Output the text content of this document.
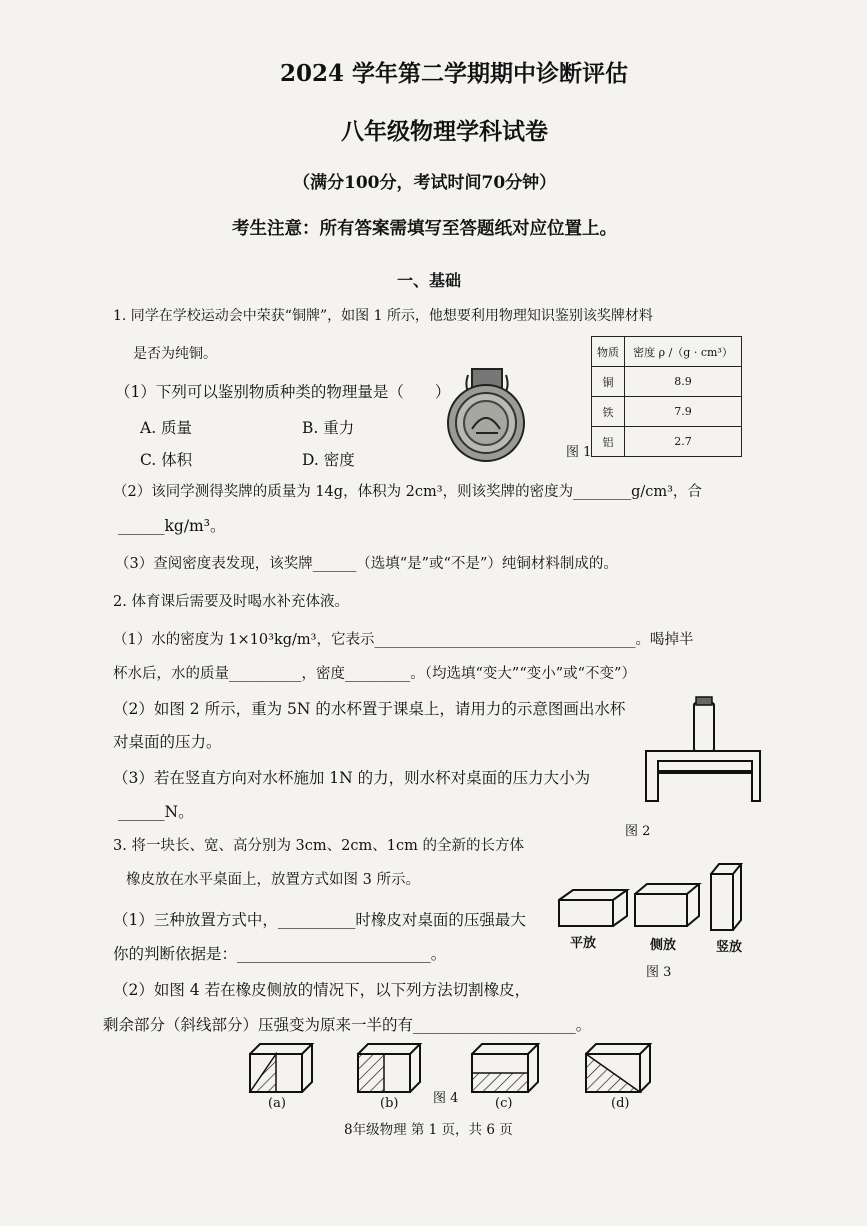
2024 学年第二学期期中诊断评估
八年级物理学科试卷
（满分100分，考试时间70分钟）
考生注意：所有答案需填写至答题纸对应位置上。
一、基础
1. 同学在学校运动会中荣获“铜牌”，如图 1 所示，他想要利用物理知识鉴别该奖牌材料
是否为纯铜。
（1）下列可以鉴别物质种类的物理量是（　　）
A. 质量	B. 重力
C. 体积	D. 密度	图 1
物质	密度 ρ /（g · cm³）
铜	8.9
铁	7.9
铝	2.7
（2）该同学测得奖牌的质量为 14g，体积为 2cm³，则该奖牌的密度为________g/cm³，合
______kg/m³。
（3）查阅密度表发现，该奖牌______（选填“是”或“不是”）纯铜材料制成的。
2. 体育课后需要及时喝水补充体液。
（1）水的密度为 1×10³kg/m³，它表示____________________________________。喝掉半
杯水后，水的质量__________，密度_________。（均选填“变大”“变小”或“不变”）
（2）如图 2 所示，重为 5N 的水杯置于课桌上，请用力的示意图画出水杯
对桌面的压力。
（3）若在竖直方向对水杯施加 1N 的力，则水杯对桌面的压力大小为
______N。
图 2
3. 将一块长、宽、高分别为 3cm、2cm、1cm 的全新的长方体
橡皮放在水平桌面上，放置方式如图 3 所示。
（1）三种放置方式中，__________时橡皮对桌面的压强最大
你的判断依据是：_________________________。
平放	侧放	竖放
图 3
（2）如图 4 若在橡皮侧放的情况下，以下列方法切割橡皮，
剩余部分（斜线部分）压强变为原来一半的有_____________________。
图 4
(a)	(b)	(c)	(d)
8年级物理 第 1 页，共 6 页
